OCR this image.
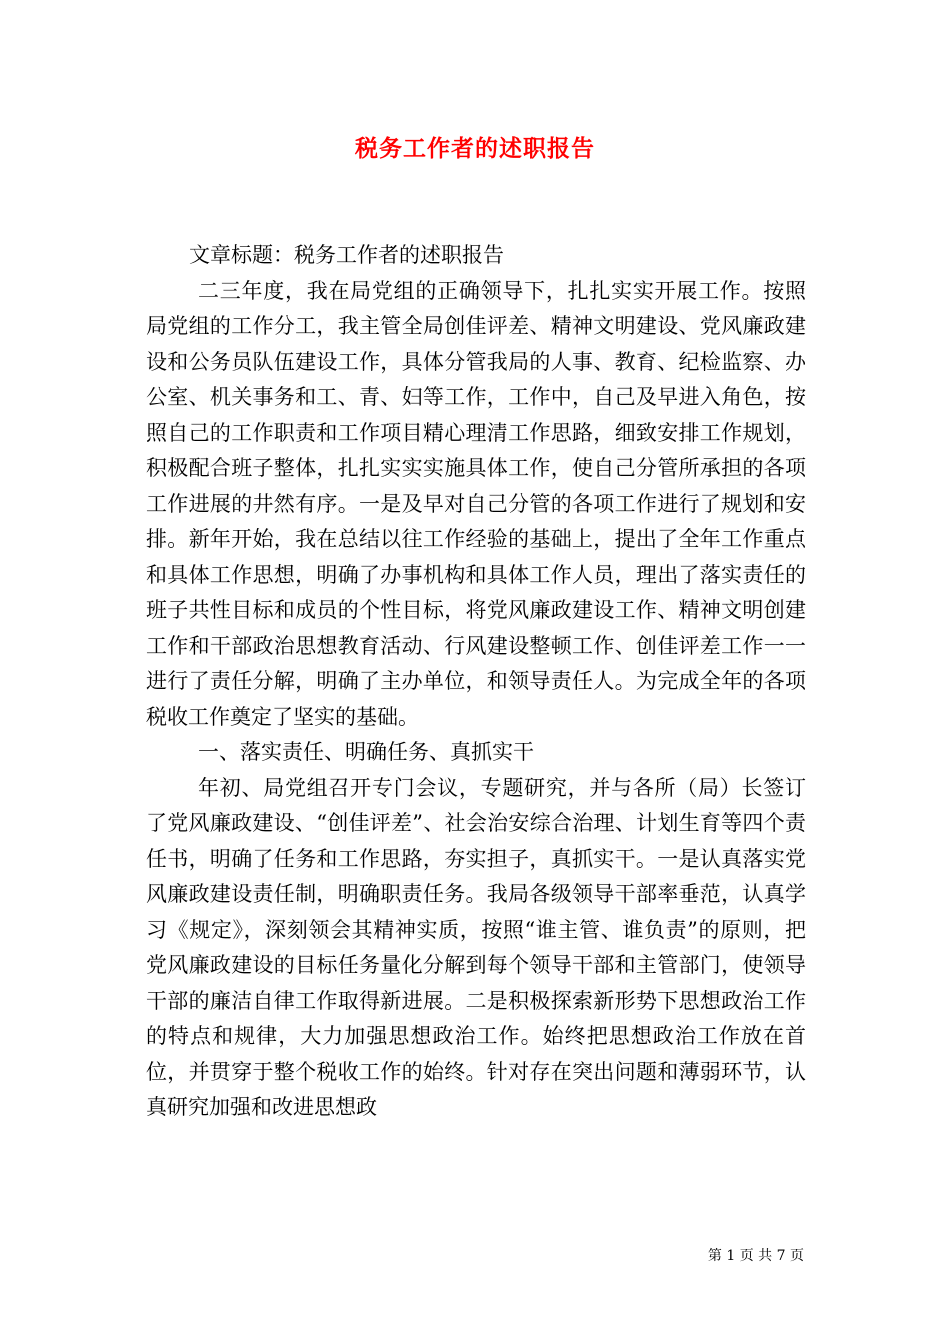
税务工作者的述职报告

文章标题：税务工作者的述职报告

二三年度，我在局党组的正确领导下，扎扎实实开展工作。按照局党组的工作分工，我主管全局创佳评差、精神文明建设、党风廉政建设和公务员队伍建设工作，具体分管我局的人事、教育、纪检监察、办公室、机关事务和工、青、妇等工作，工作中，自己及早进入角色，按照自己的工作职责和工作项目精心理清工作思路，细致安排工作规划，积极配合班子整体，扎扎实实实施具体工作，使自己分管所承担的各项工作进展的井然有序。一是及早对自己分管的各项工作进行了规划和安排。新年开始，我在总结以往工作经验的基础上，提出了全年工作重点和具体工作思想，明确了办事机构和具体工作人员，理出了落实责任的班子共性目标和成员的个性目标，将党风廉政建设工作、精神文明创建工作和干部政治思想教育活动、行风建设整顿工作、创佳评差工作一一进行了责任分解，明确了主办单位，和领导责任人。为完成全年的各项税收工作奠定了坚实的基础。

一、落实责任、明确任务、真抓实干

年初、局党组召开专门会议，专题研究，并与各所（局）长签订了党风廉政建设、“创佳评差”、社会治安综合治理、计划生育等四个责任书，明确了任务和工作思路，夯实担子，真抓实干。一是认真落实党风廉政建设责任制，明确职责任务。我局各级领导干部率垂范，认真学习《规定》，深刻领会其精神实质，按照“谁主管、谁负责”的原则，把党风廉政建设的目标任务量化分解到每个领导干部和主管部门，使领导干部的廉洁自律工作取得新进展。二是积极探索新形势下思想政治工作的特点和规律，大力加强思想政治工作。始终把思想政治工作放在首位，并贯穿于整个税收工作的始终。针对存在突出问题和薄弱环节，认真研究加强和改进思想政

第 1 页 共 7 页
